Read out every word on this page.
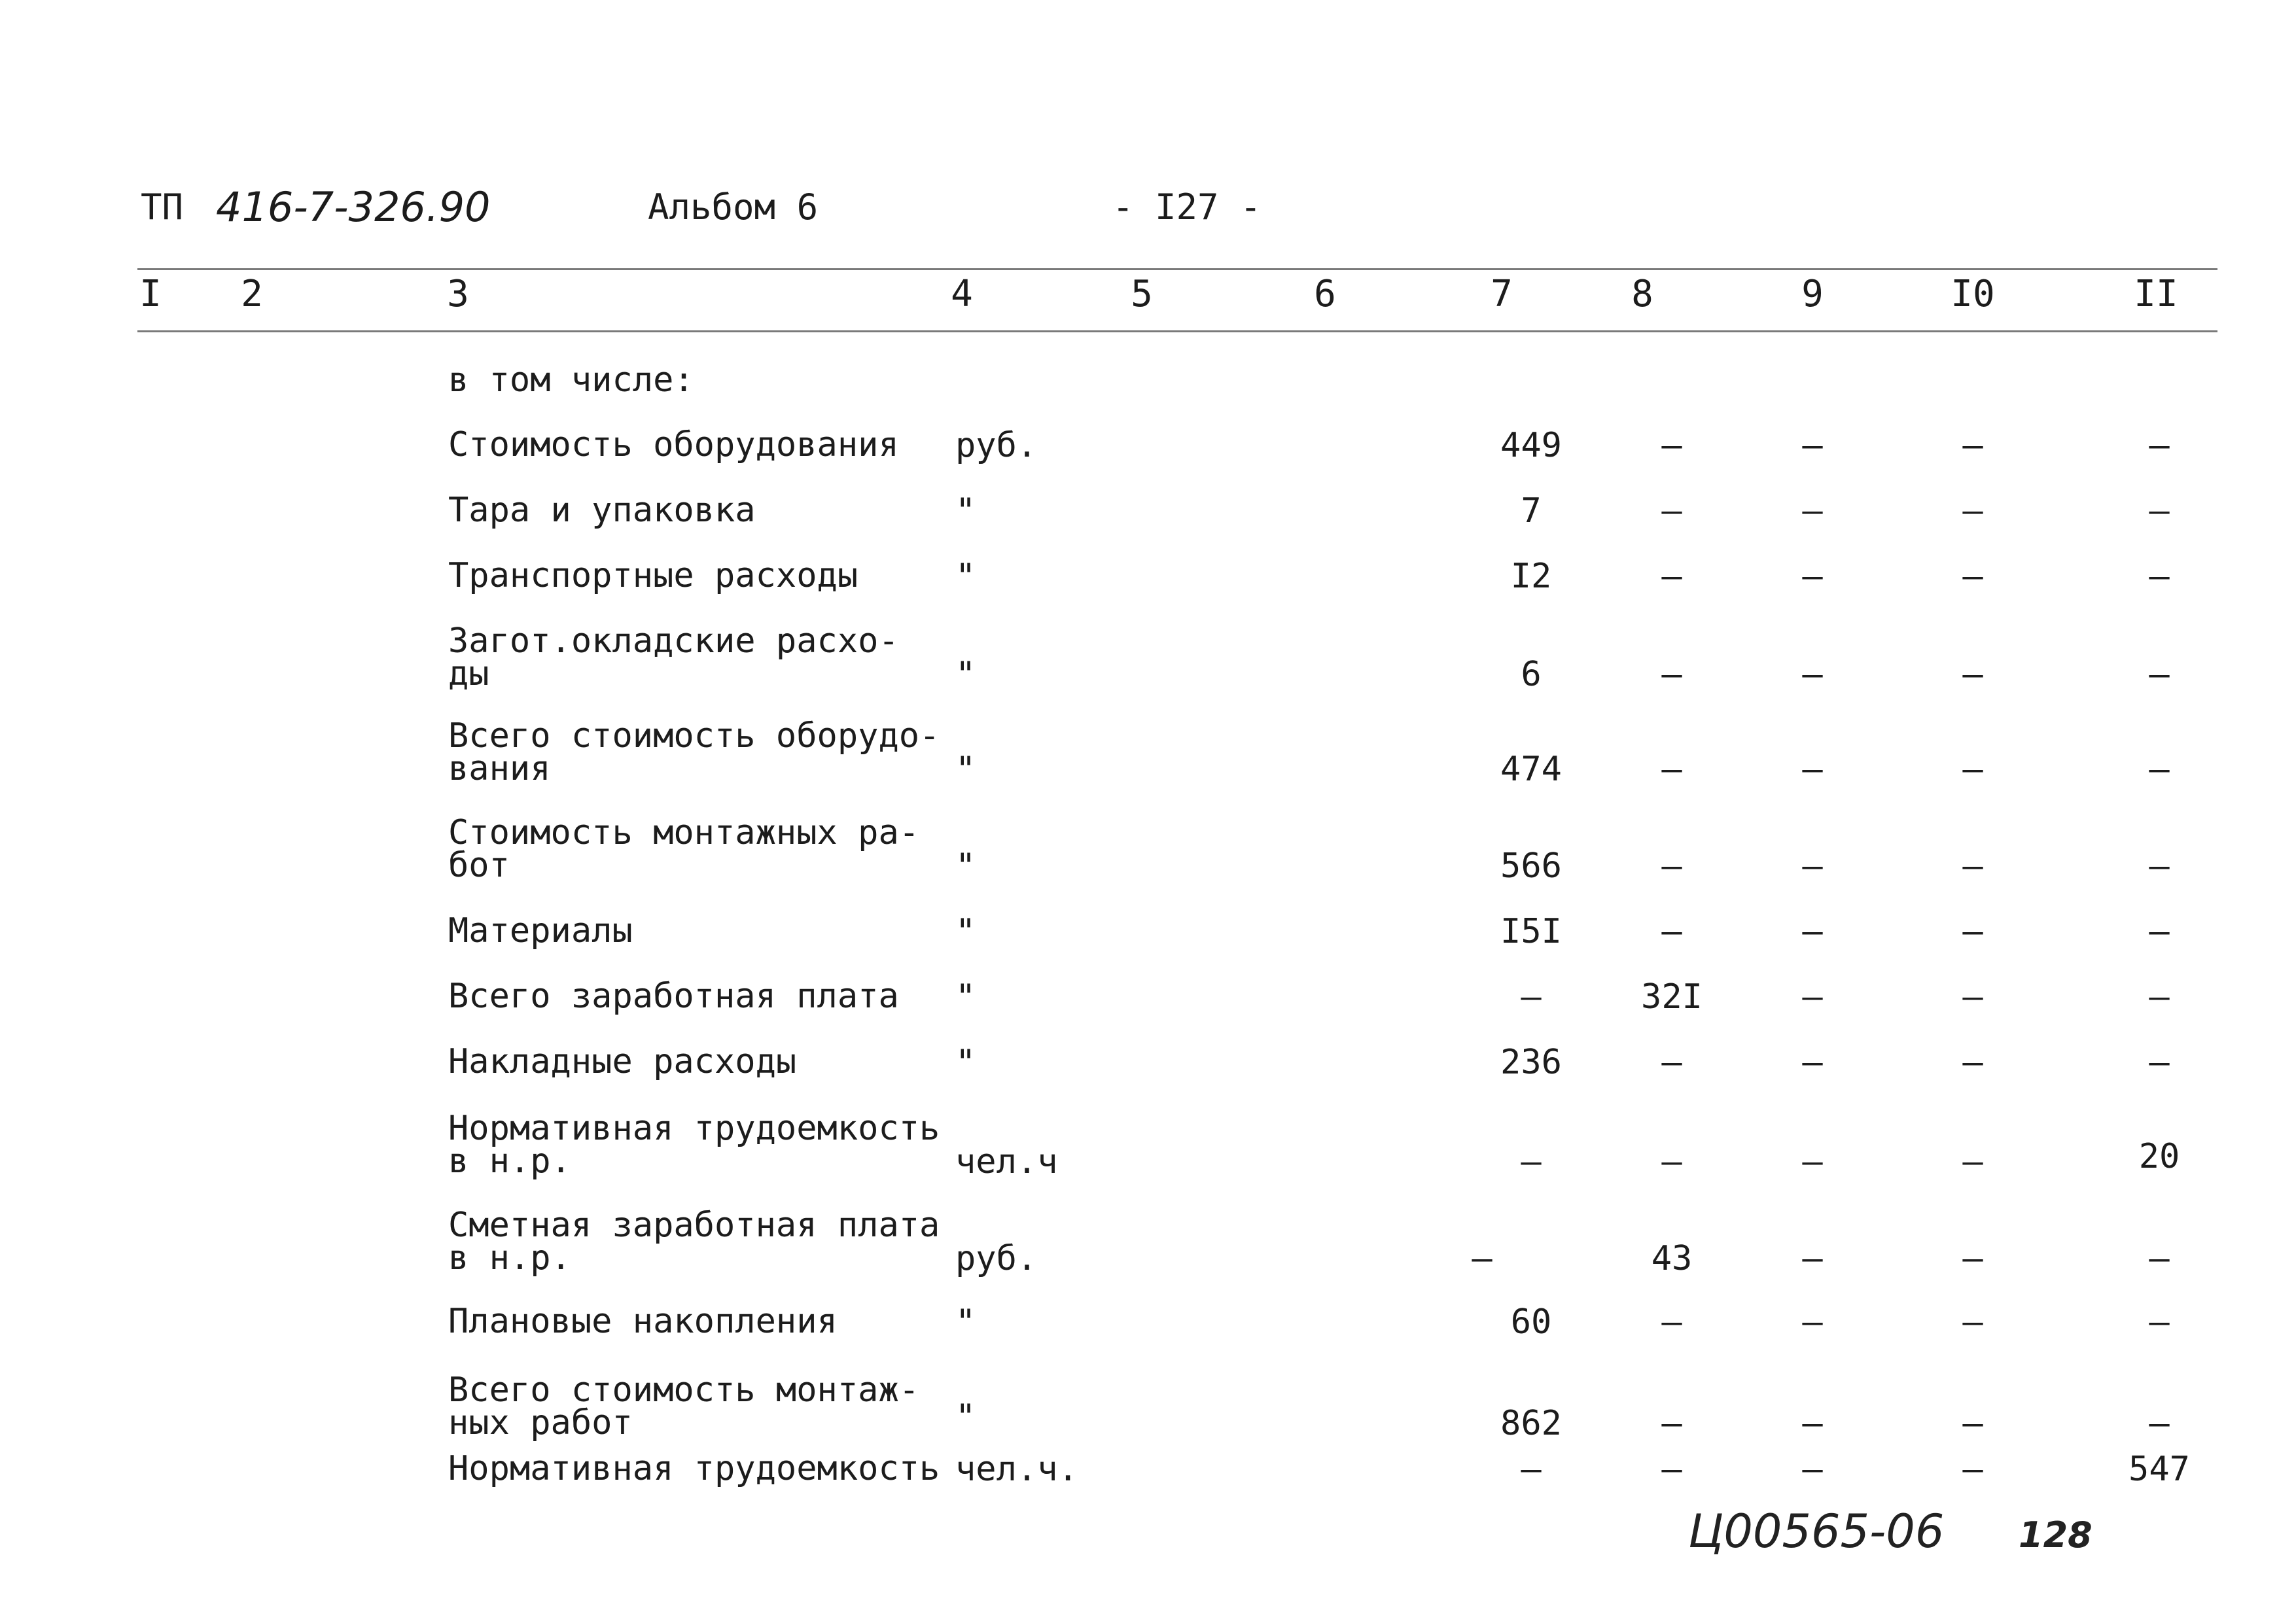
ТП 416-7-326.90	Альбом 6	- I27 -
I	2	3	4	5	6	7	8	9	I0	II
в том числе:
Стоимость оборудования	руб.	449	–	–	–	–
Тара и упаковка	"	7	–	–	–	–
Транспортные расходы	"	I2	–	–	–	–
Загот.окладские расхо-
ды	"	6	–	–	–	–
Всего стоимость оборудо-
вания	"	474	–	–	–	–
Стоимость монтажных ра-
бот	"	566	–	–	–	–
Материалы	"	I5I	–	–	–	–
Всего заработная плата	"	–	32I	–	–	–
Накладные расходы	"	236	–	–	–	–
Нормативная трудоемкость
в н.р.	чел.ч	–	–	–	–	20
Сметная заработная плата
в н.р.	руб.	–	43	–	–	–
Плановые накопления	"	60	–	–	–	–
Всего стоимость монтаж-
ных работ	"	862	–	–	–	–
Нормативная трудоемкость чел.ч.	–	–	–	–	547
Ц00565-06 128
